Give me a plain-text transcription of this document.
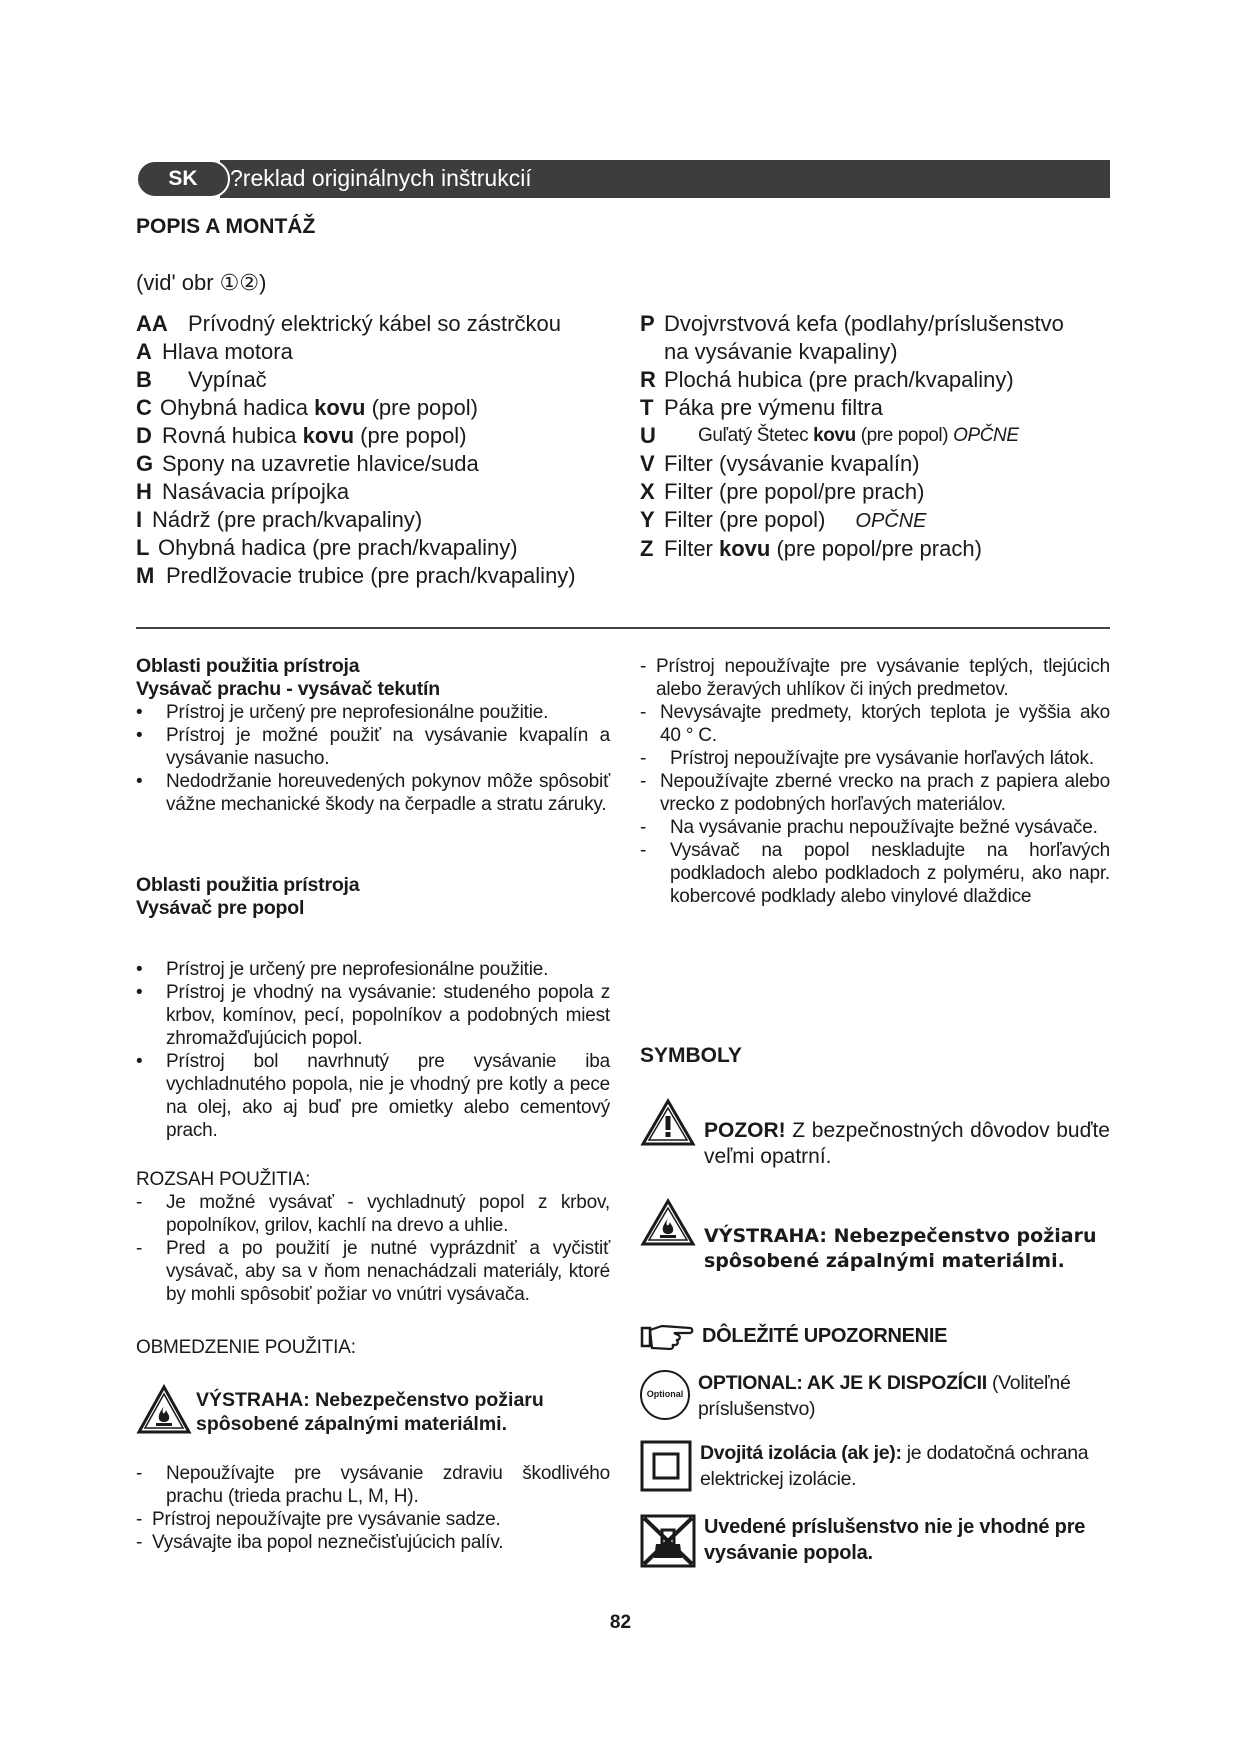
?reklad originálnych inštrukcií
SK
POPIS A MONTÁŽ
(vid' obr ①②)
AA Prívodný elektrický kábel so zástrčkou
A Hlava motora
B	Vypínač
C Ohybná hadica kovu (pre popol)
D Rovná hubica kovu (pre popol)
G Spony na uzavretie hlavice/suda
H Nasávacia prípojka
I Nádrž (pre prach/kvapaliny)
L Ohybná hadica (pre prach/kvapaliny)
M Predlžovacie trubice (pre prach/kvapaliny)
P Dvojvrstvová kefa (podlahy/príslušenstvo na vysávanie kvapaliny)
R Plochá hubica (pre prach/kvapaliny)
T Páka pre výmenu filtra
U	Guľatý Štetec kovu (pre popol) OPČNE
V Filter (vysávanie kvapalín)
X Filter (pre popol/pre prach)
Y Filter (pre popol) OPČNE
Z Filter kovu (pre popol/pre prach)
Oblasti použitia prístroja
Vysávač prachu - vysávač tekutín
• Prístroj je určený pre neprofesionálne použitie.
• Prístroj je možné použiť na vysávanie kvapalín a vysávanie nasucho.
• Nedodržanie horeuvedených pokynov môže spôsobiť vážne mechanické škody na čerpadle a stratu záruky.
Oblasti použitia prístroja
Vysávač pre popol
• Prístroj je určený pre neprofesionálne použitie.
• Prístroj je vhodný na vysávanie: studeného popola z krbov, komínov, pecí, popolníkov a podobných miest zhromažďujúcich popol.
• Prístroj bol navrhnutý pre vysávanie iba vychladnutého popola, nie je vhodný pre kotly a pece na olej, ako aj buď pre omietky alebo cementový prach.
ROZSAH POUŽITIA:
- Je možné vysávať - vychladnutý popol z krbov, popolníkov, grilov, kachlí na drevo a uhlie.
- Pred a po použití je nutné vyprázdniť a vyčistiť vysávač, aby sa v ňom nenachádzali materiály, ktoré by mohli spôsobiť požiar vo vnútri vysávača.
OBMEDZENIE POUŽITIA:
VÝSTRAHA: Nebezpečenstvo požiaru spôsobené zápalnými materiálmi.
- Nepoužívajte pre vysávanie zdraviu škodlivého prachu (trieda prachu L, M, H).
- Prístroj nepoužívajte pre vysávanie sadze.
- Vysávajte iba popol neznečisťujúcich palív.
- Prístroj nepoužívajte pre vysávanie teplých, tlejúcich alebo žeravých uhlíkov či iných predmetov.
- Nevysávajte predmety, ktorých teplota je vyššia ako 40 ° C.
- Prístroj nepoužívajte pre vysávanie horľavých látok.
- Nepoužívajte zberné vrecko na prach z papiera alebo vrecko z podobných horľavých materiálov.
- Na vysávanie prachu nepoužívajte bežné vysávače.
- Vysávač na popol neskladujte na horľavých podkladoch alebo podkladoch z polyméru, ako napr. kobercové podklady alebo vinylové dlaždice
SYMBOLY
POZOR! Z bezpečnostných dôvodov buďte veľmi opatrní.
VÝSTRAHA: Nebezpečenstvo požiaru spôsobené zápalnými materiálmi.
DÔLEŽITÉ UPOZORNENIE
Optional OPTIONAL: AK JE K DISPOZÍCII (Voliteľné príslušenstvo)
Dvojitá izolácia (ak je): je dodatočná ochrana elektrickej izolácie.
Uvedené príslušenstvo nie je vhodné pre vysávanie popola.
82
